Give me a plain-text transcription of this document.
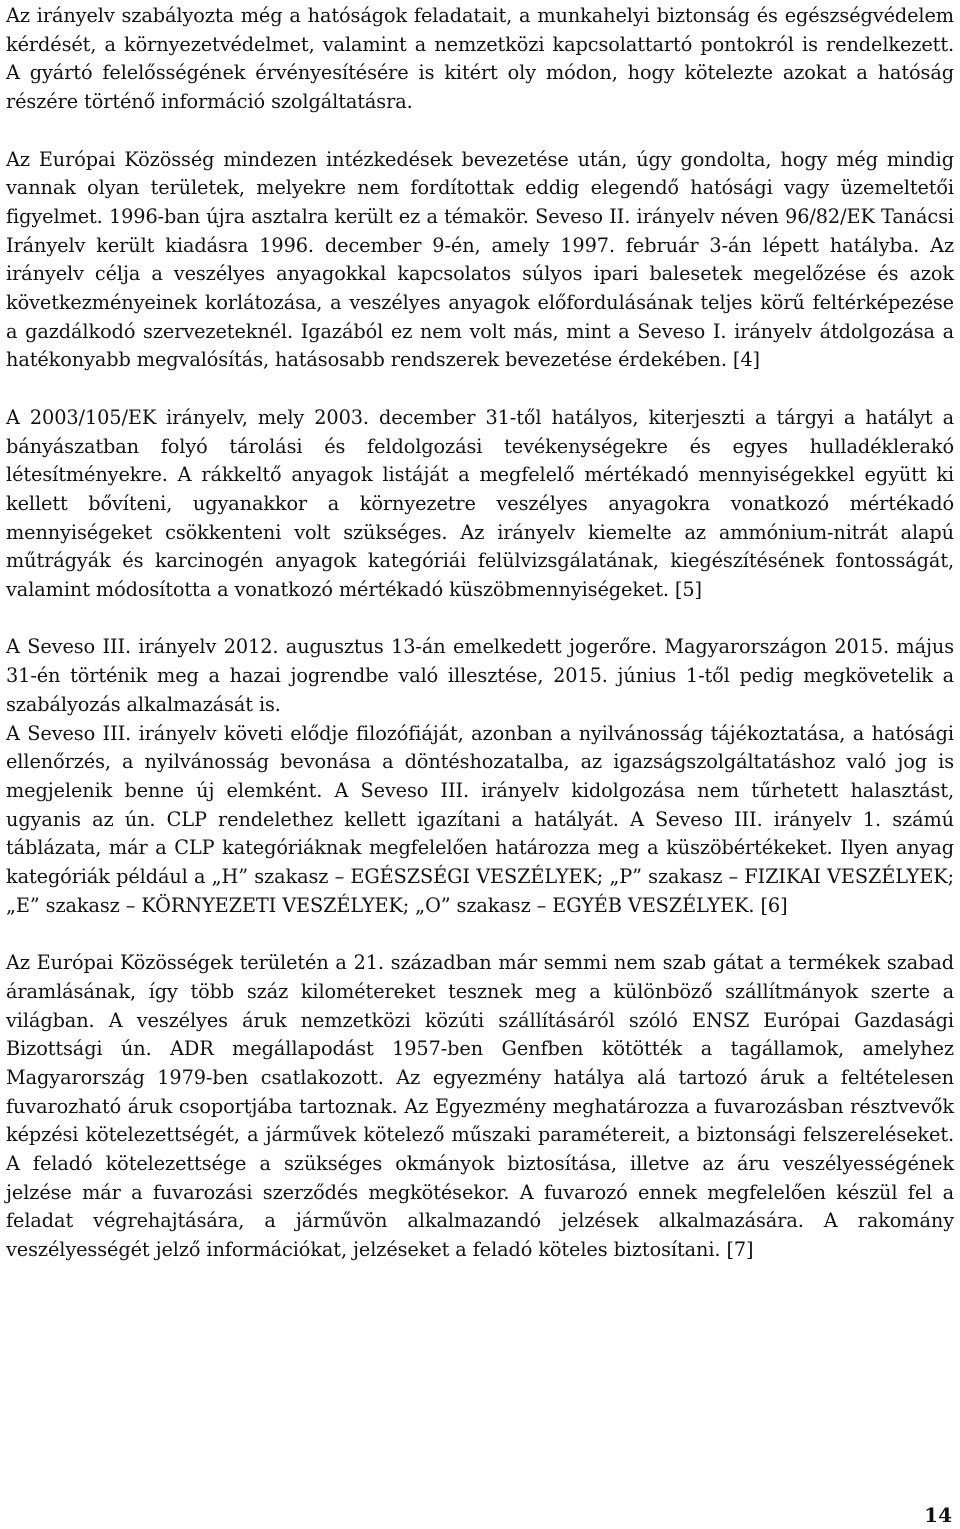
Az irányelv szabályozta még a hatóságok feladatait, a munkahelyi biztonság és egészségvédelem kérdését, a környezetvédelmet, valamint a nemzetközi kapcsolattartó pontokról is rendelkezett. A gyártó felelősségének érvényesítésére is kitért oly módon, hogy kötelezte azokat a hatóság részére történő információ szolgáltatásra.

Az Európai Közösség mindezen intézkedések bevezetése után, úgy gondolta, hogy még mindig vannak olyan területek, melyekre nem fordítottak eddig elegendő hatósági vagy üzemeltetői figyelmet. 1996-ban újra asztalra került ez a témakör. Seveso II. irányelv néven 96/82/EK Tanácsi Irányelv került kiadásra 1996. december 9-én, amely 1997. február 3-án lépett hatályba. Az irányelv célja a veszélyes anyagokkal kapcsolatos súlyos ipari balesetek megelőzése és azok következményeinek korlátozása, a veszélyes anyagok előfordulásának teljes körű feltérképezése a gazdálkodó szervezeteknél. Igazából ez nem volt más, mint a Seveso I. irányelv átdolgozása a hatékonyabb megvalósítás, hatásosabb rendszerek bevezetése érdekében. [4]

A 2003/105/EK irányelv, mely 2003. december 31-től hatályos, kiterjeszti a tárgyi a hatályt a bányászatban folyó tárolási és feldolgozási tevékenységekre és egyes hulladéklerakó létesítményekre. A rákkeltő anyagok listáját a megfelelő mértékadó mennyiségekkel együtt ki kellett bővíteni, ugyanakkor a környezetre veszélyes anyagokra vonatkozó mértékadó mennyiségeket csökkenteni volt szükséges. Az irányelv kiemelte az ammónium-nitrát alapú műtrágyák és karcinogén anyagok kategóriái felülvizsgálatának, kiegészítésének fontosságát, valamint módosította a vonatkozó mértékadó küszöbmennyiségeket. [5]

A Seveso III. irányelv 2012. augusztus 13-án emelkedett jogerőre. Magyarországon 2015. május 31-én történik meg a hazai jogrendbe való illesztése, 2015. június 1-től pedig megkövetelik a szabályozás alkalmazását is.

A Seveso III. irányelv követi elődje filozófiáját, azonban a nyilvánosság tájékoztatása, a hatósági ellenőrzés, a nyilvánosság bevonása a döntéshozatalba, az igazságszolgáltatáshoz való jog is megjelenik benne új elemként. A Seveso III. irányelv kidolgozása nem tűrhetett halasztást, ugyanis az ún. CLP rendelethez kellett igazítani a hatályát. A Seveso III. irányelv 1. számú táblázata, már a CLP kategóriáknak megfelelően határozza meg a küszöbértékeket. Ilyen anyag kategóriák például a „H” szakasz – EGÉSZSÉGI VESZÉLYEK; „P” szakasz – FIZIKAI VESZÉLYEK; „E” szakasz – KÖRNYEZETI VESZÉLYEK; „O” szakasz – EGYÉB VESZÉLYEK. [6]

Az Európai Közösségek területén a 21. században már semmi nem szab gátat a termékek szabad áramlásának, így több száz kilométereket tesznek meg a különböző szállítmányok szerte a világban. A veszélyes áruk nemzetközi közúti szállításáról szóló ENSZ Európai Gazdasági Bizottsági ún. ADR megállapodást 1957-ben Genfben kötötték a tagállamok, amelyhez Magyarország 1979-ben csatlakozott. Az egyezmény hatálya alá tartozó áruk a feltételesen fuvarozható áruk csoportjába tartoznak. Az Egyezmény meghatározza a fuvarozásban résztvevők képzési kötelezettségét, a járművek kötelező műszaki paramétereit, a biztonsági felszereléseket. A feladó kötelezettsége a szükséges okmányok biztosítása, illetve az áru veszélyességének jelzése már a fuvarozási szerződés megkötésekor. A fuvarozó ennek megfelelően készül fel a feladat végrehajtására, a járművön alkalmazandó jelzések alkalmazására. A rakomány veszélyességét jelző információkat, jelzéseket a feladó köteles biztosítani. [7]

14
